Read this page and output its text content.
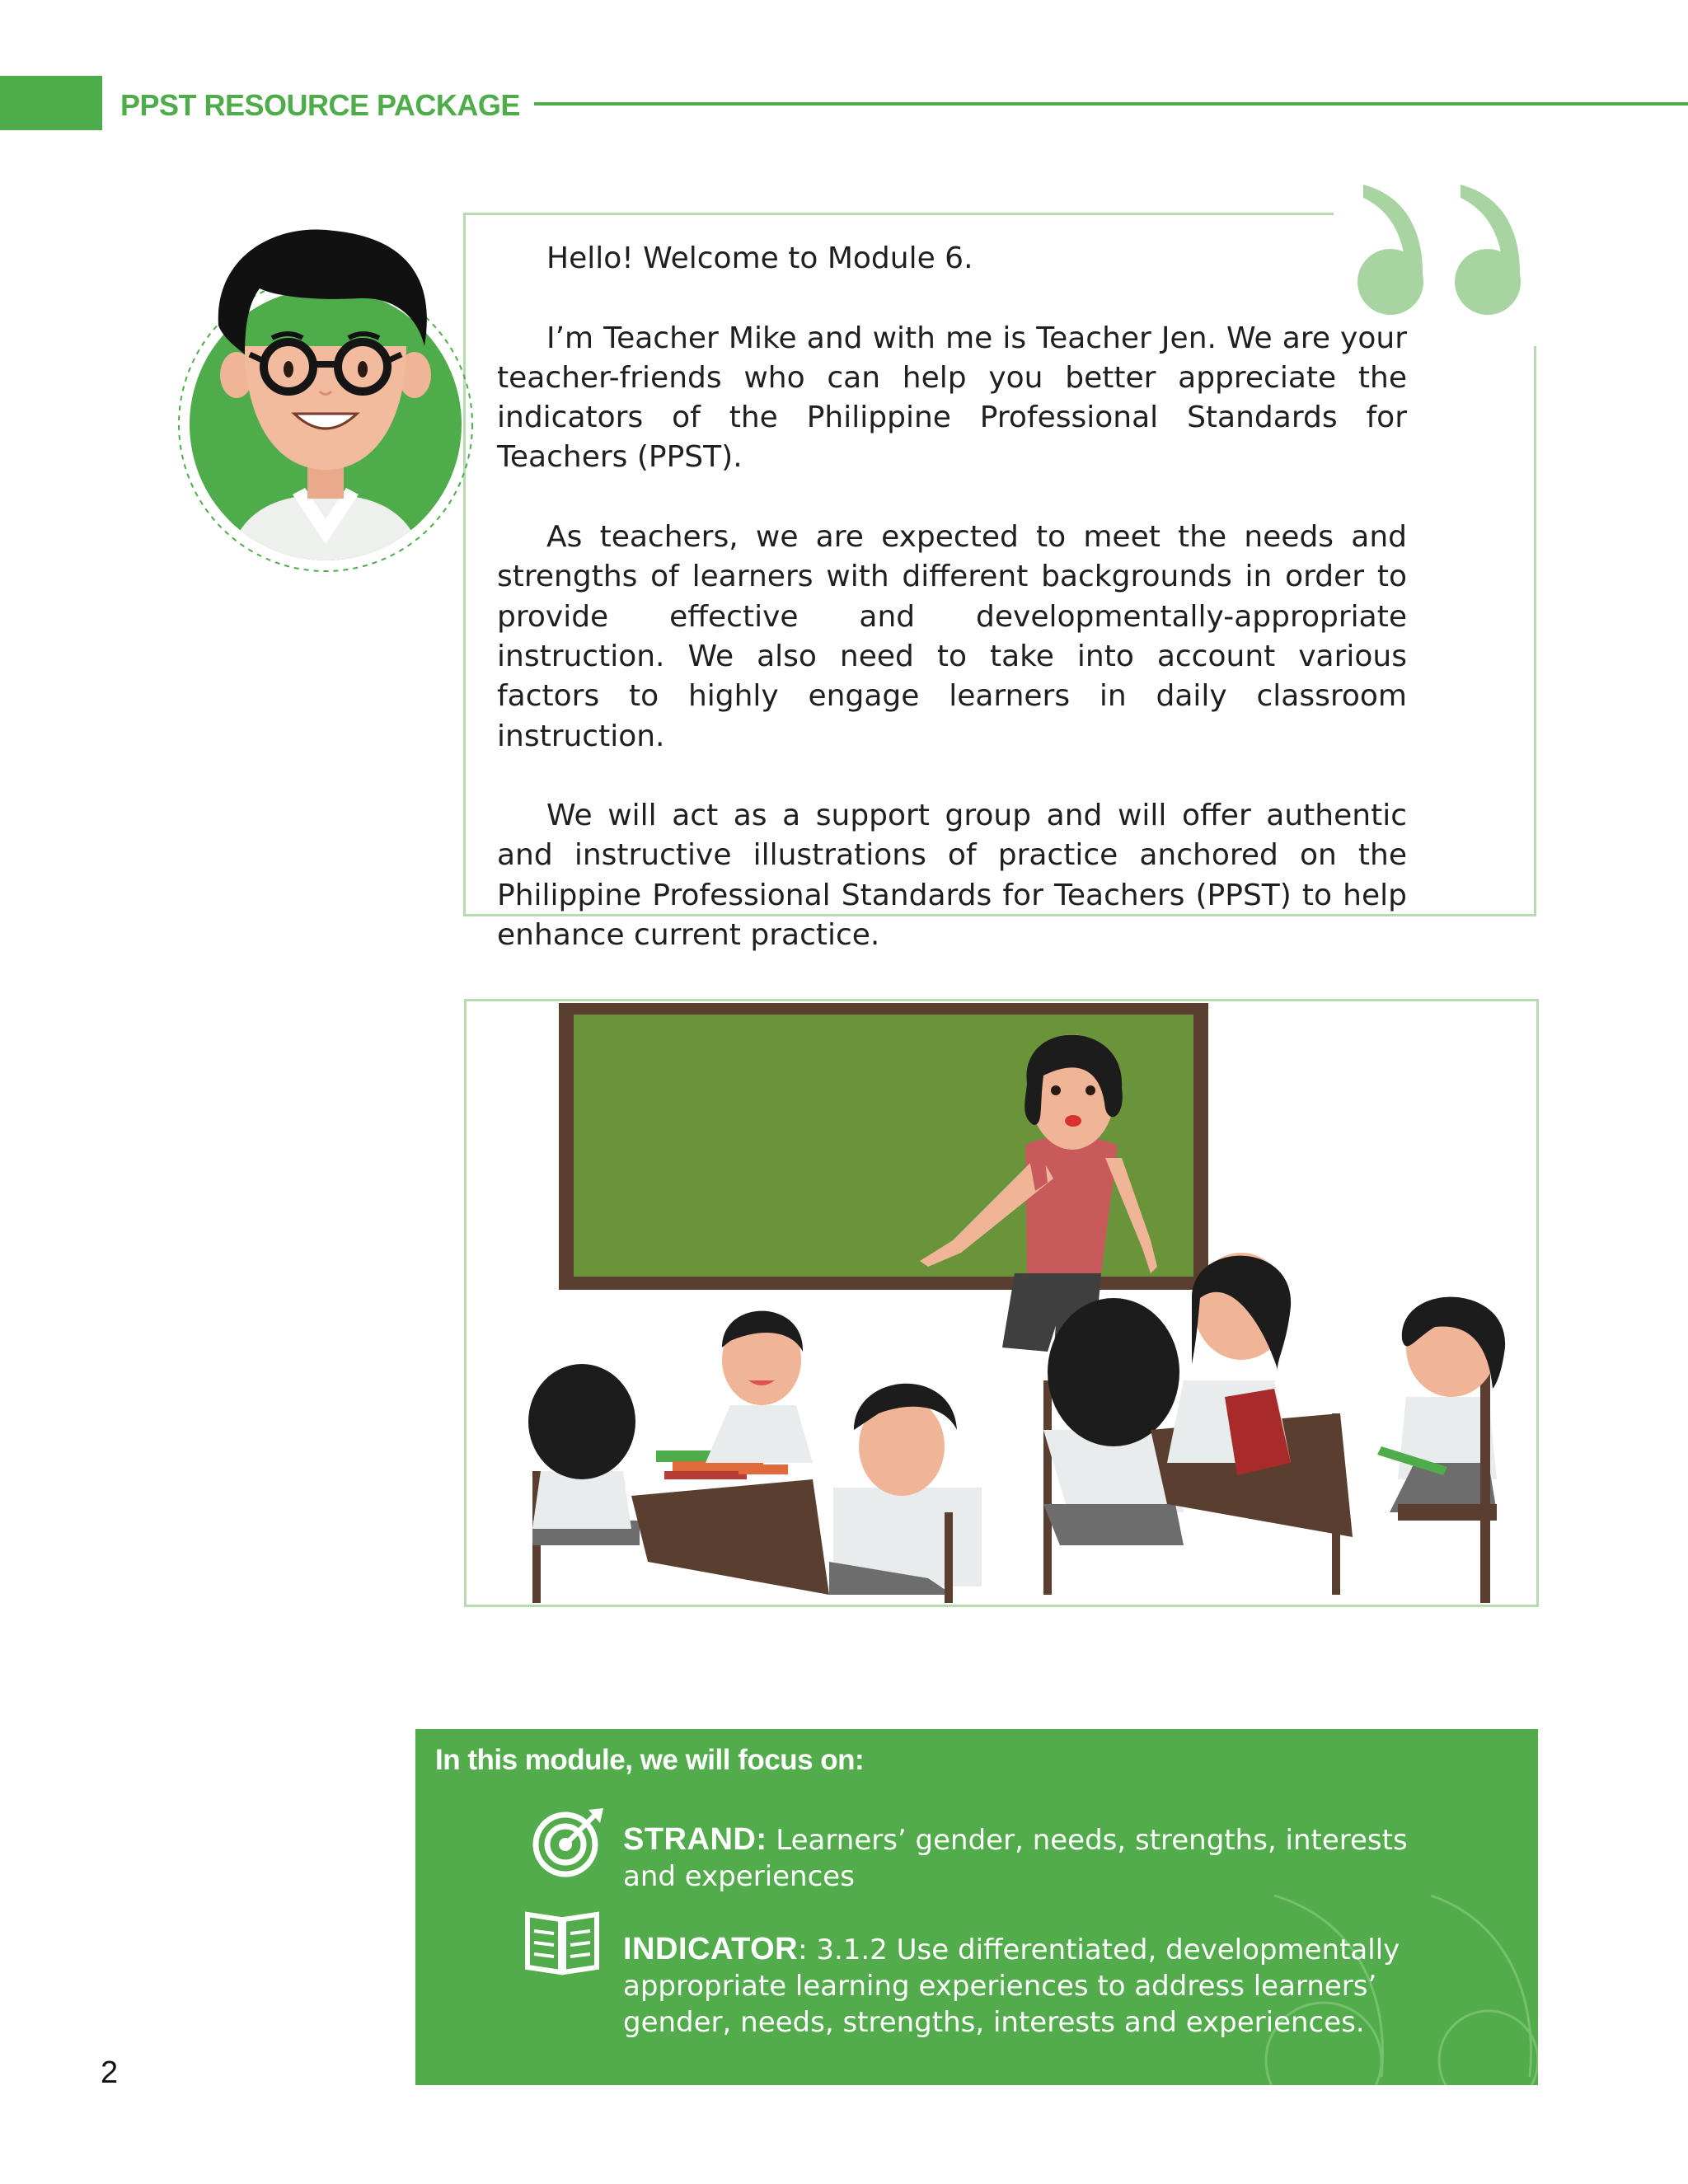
PPST RESOURCE PACKAGE

Hello! Welcome to Module 6.

I’m Teacher Mike and with me is Teacher Jen. We are your teacher-friends who can help you better appreciate the indicators of the Philippine Professional Standards for Teachers (PPST).

As teachers, we are expected to meet the needs and strengths of learners with different backgrounds in order to provide effective and developmentally-appropriate instruction. We also need to take into account various factors to highly engage learners in daily classroom instruction.

We will act as a support group and will offer authentic and instructive illustrations of practice anchored on the Philippine Professional Standards for Teachers (PPST) to help enhance current practice.

In this module, we will focus on:
STRAND: Learners’ gender, needs, strengths, interests and experiences
INDICATOR: 3.1.2 Use differentiated, developmentally appropriate learning experiences to address learners’ gender, needs, strengths, interests and experiences.
2
